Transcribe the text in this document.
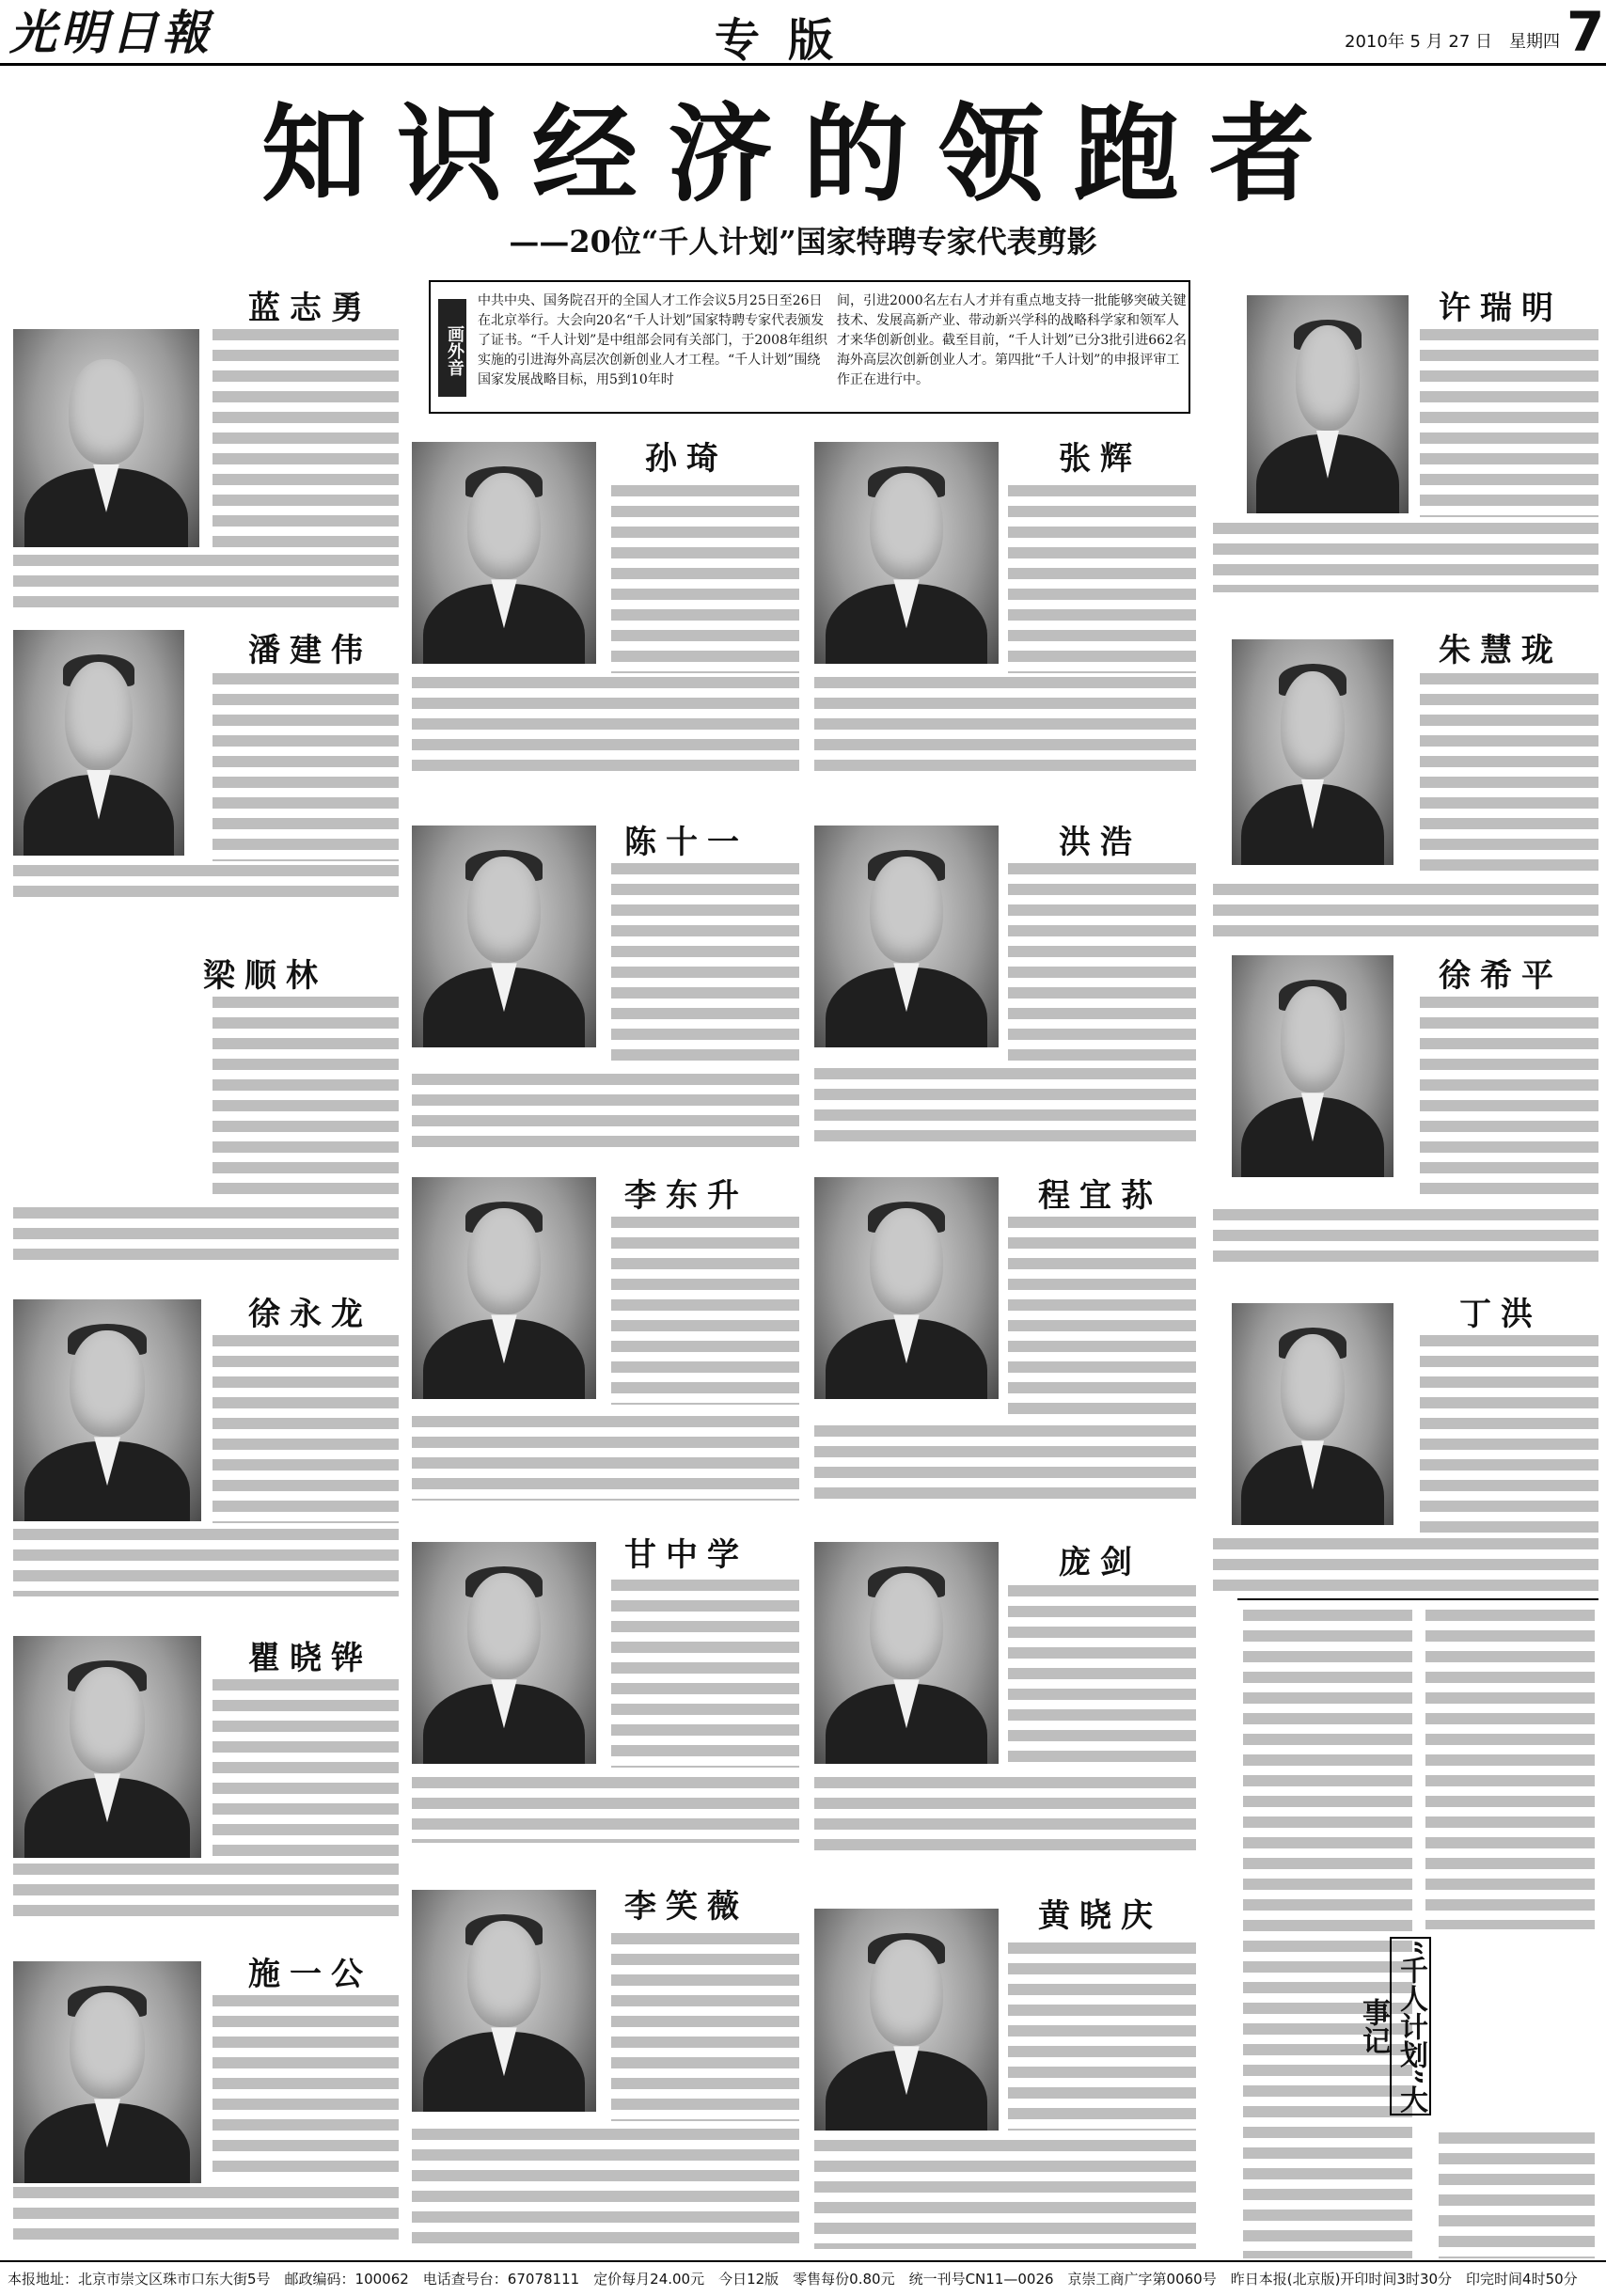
光明日報	专版	2010年 5 月 27 日　星期四 7
知识经济的领跑者
——20位“千人计划”国家特聘专家代表剪影
画外音
中共中央、国务院召开的全国人才工作会议5月25日至26日在北京举行。大会向20名“千人计划”国家特聘专家代表颁发了证书。“千人计划”是中组部会同有关部门，于2008年组织实施的引进海外高层次创新创业人才工程。“千人计划”围绕国家发展战略目标，用5到10年时
间，引进2000名左右人才并有重点地支持一批能够突破关键技术、发展高新产业、带动新兴学科的战略科学家和领军人才来华创新创业。截至目前，“千人计划”已分3批引进662名海外高层次创新创业人才。第四批“千人计划”的申报评审工作正在进行中。
蓝志勇
潘建伟
梁顺林
徐永龙
瞿晓铧
施一公
孙琦
陈十一
李东升
甘中学
李笑薇
张辉
洪浩
程宜荪
庞剑
黄晓庆
许瑞明
朱慧珑
徐希平
丁洪
“千人计划”大事记
本报地址：北京市崇文区珠市口东大街5号　邮政编码：100062　电话查号台：67078111　定价每月24.00元　今日12版　零售每份0.80元　统一刊号CN11—0026　京崇工商广字第0060号　昨日本报(北京版)开印时间3时30分　印完时间4时50分
